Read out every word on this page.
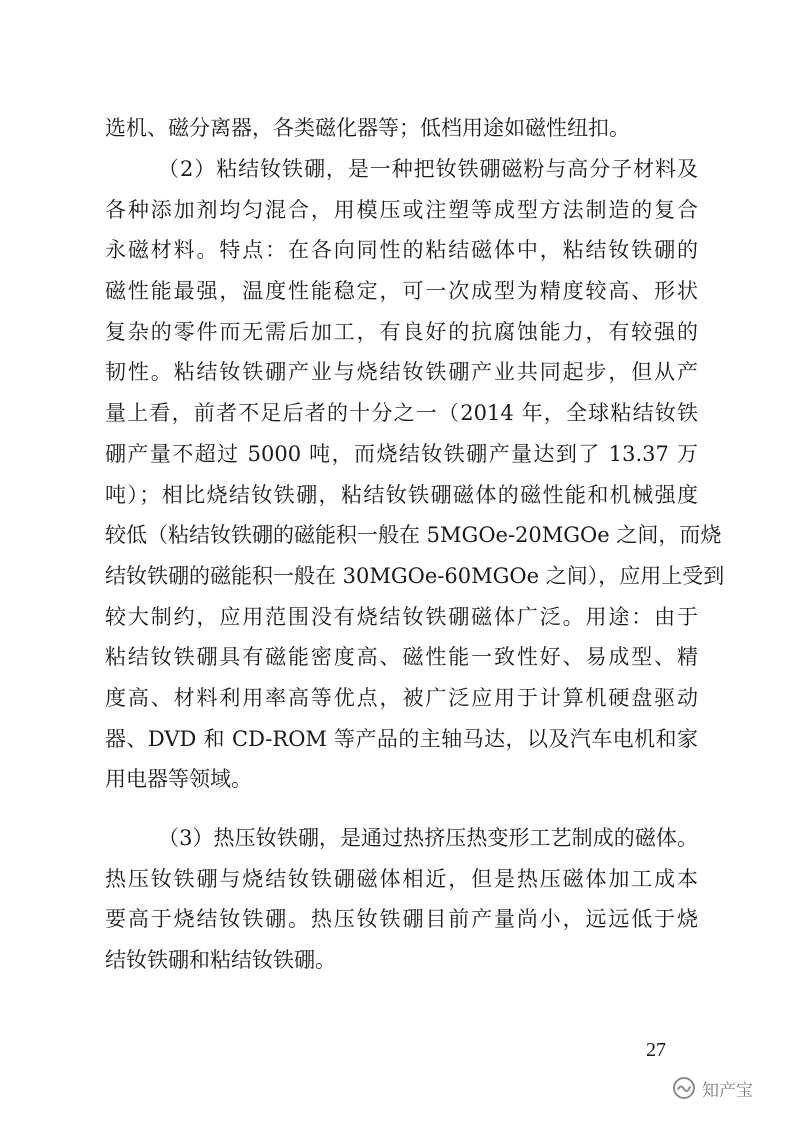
选机、磁分离器，各类磁化器等；低档用途如磁性纽扣。
（2）粘结钕铁硼，是一种把钕铁硼磁粉与高分子材料及
各种添加剂均匀混合，用模压或注塑等成型方法制造的复合
永磁材料。特点：在各向同性的粘结磁体中，粘结钕铁硼的
磁性能最强，温度性能稳定，可一次成型为精度较高、形状
复杂的零件而无需后加工，有良好的抗腐蚀能力，有较强的
韧性。粘结钕铁硼产业与烧结钕铁硼产业共同起步，但从产
量上看，前者不足后者的十分之一（2014 年，全球粘结钕铁
硼产量不超过 5000 吨，而烧结钕铁硼产量达到了 13.37 万
吨）；相比烧结钕铁硼，粘结钕铁硼磁体的磁性能和机械强度
较低（粘结钕铁硼的磁能积一般在 5MGOe-20MGOe 之间，而烧
结钕铁硼的磁能积一般在 30MGOe-60MGOe 之间），应用上受到
较大制约，应用范围没有烧结钕铁硼磁体广泛。用途：由于
粘结钕铁硼具有磁能密度高、磁性能一致性好、易成型、精
度高、材料利用率高等优点，被广泛应用于计算机硬盘驱动
器、DVD 和 CD-ROM 等产品的主轴马达，以及汽车电机和家
用电器等领域。
（3）热压钕铁硼，是通过热挤压热变形工艺制成的磁体。
热压钕铁硼与烧结钕铁硼磁体相近，但是热压磁体加工成本
要高于烧结钕铁硼。热压钕铁硼目前产量尚小，远远低于烧
结钕铁硼和粘结钕铁硼。
27
知产宝
